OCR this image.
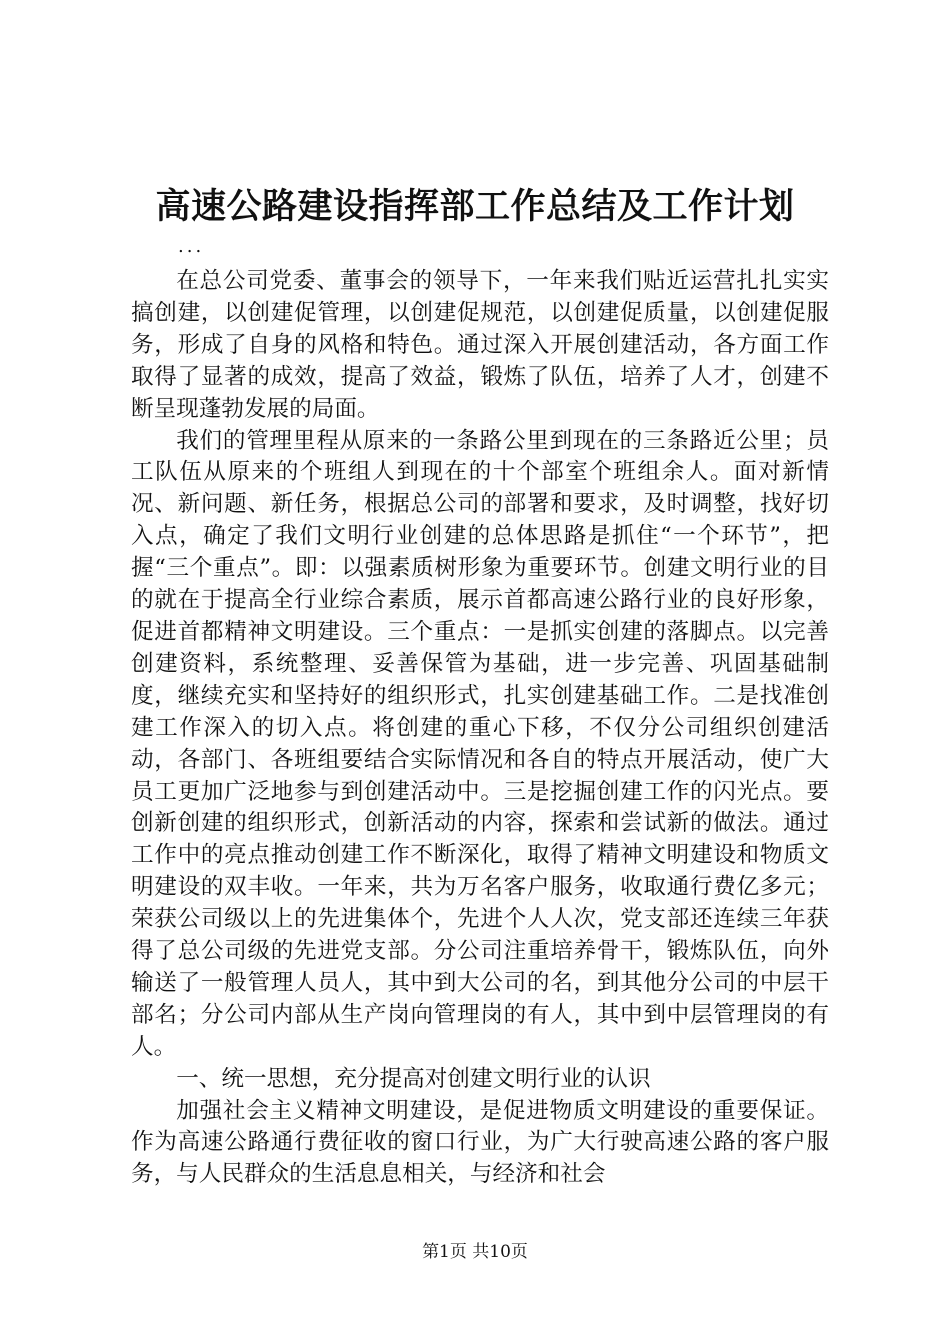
高速公路建设指挥部工作总结及工作计划
...

在总公司党委、董事会的领导下，一年来我们贴近运营扎扎实实搞创建，以创建促管理，以创建促规范，以创建促质量，以创建促服务，形成了自身的风格和特色。通过深入开展创建活动，各方面工作取得了显著的成效，提高了效益，锻炼了队伍，培养了人才，创建不断呈现蓬勃发展的局面。

我们的管理里程从原来的一条路公里到现在的三条路近公里；员工队伍从原来的个班组人到现在的十个部室个班组余人。面对新情况、新问题、新任务，根据总公司的部署和要求，及时调整，找好切入点，确定了我们文明行业创建的总体思路是抓住“一个环节”，把握“三个重点”。即：以强素质树形象为重要环节。创建文明行业的目的就在于提高全行业综合素质，展示首都高速公路行业的良好形象，促进首都精神文明建设。三个重点：一是抓实创建的落脚点。以完善创建资料，系统整理、妥善保管为基础，进一步完善、巩固基础制度，继续充实和坚持好的组织形式，扎实创建基础工作。二是找准创建工作深入的切入点。将创建的重心下移，不仅分公司组织创建活动，各部门、各班组要结合实际情况和各自的特点开展活动，使广大员工更加广泛地参与到创建活动中。三是挖掘创建工作的闪光点。要创新创建的组织形式，创新活动的内容，探索和尝试新的做法。通过工作中的亮点推动创建工作不断深化，取得了精神文明建设和物质文明建设的双丰收。一年来，共为万名客户服务，收取通行费亿多元；荣获公司级以上的先进集体个，先进个人人次，党支部还连续三年获得了总公司级的先进党支部。分公司注重培养骨干，锻炼队伍，向外输送了一般管理人员人，其中到大公司的名，到其他分公司的中层干部名；分公司内部从生产岗向管理岗的有人，其中到中层管理岗的有人。

一、统一思想，充分提高对创建文明行业的认识

加强社会主义精神文明建设，是促进物质文明建设的重要保证。作为高速公路通行费征收的窗口行业，为广大行驶高速公路的客户服务，与人民群众的生活息息相关，与经济和社会

第1页 共10页
